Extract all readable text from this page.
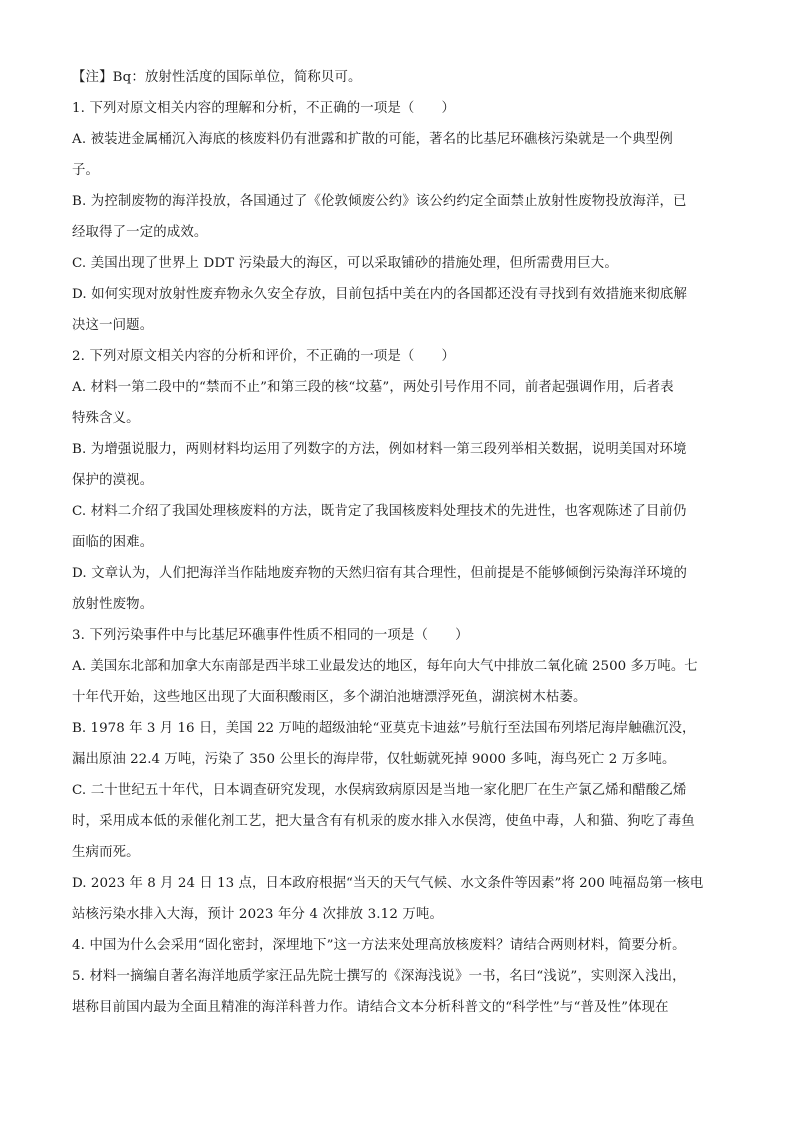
【注】Bq：放射性活度的国际单位，简称贝可。
1. 下列对原文相关内容的理解和分析，不正确的一项是（　　）
A. 被装进金属桶沉入海底的核废料仍有泄露和扩散的可能，著名的比基尼环礁核污染就是一个典型例
子。
B. 为控制废物的海洋投放，各国通过了《伦敦倾废公约》该公约约定全面禁止放射性废物投放海洋，已
经取得了一定的成效。
C. 美国出现了世界上 DDT 污染最大的海区，可以采取铺砂的措施处理，但所需费用巨大。
D. 如何实现对放射性废弃物永久安全存放，目前包括中美在内的各国都还没有寻找到有效措施来彻底解
决这一问题。
2. 下列对原文相关内容的分析和评价，不正确的一项是（　　）
A. 材料一第二段中的“禁而不止”和第三段的核“坟墓”，两处引号作用不同，前者起强调作用，后者表
特殊含义。
B. 为增强说服力，两则材料均运用了列数字的方法，例如材料一第三段列举相关数据，说明美国对环境
保护的漠视。
C. 材料二介绍了我国处理核废料的方法，既肯定了我国核废料处理技术的先进性，也客观陈述了目前仍
面临的困难。
D. 文章认为，人们把海洋当作陆地废弃物的天然归宿有其合理性，但前提是不能够倾倒污染海洋环境的
放射性废物。
3. 下列污染事件中与比基尼环礁事件性质不相同的一项是（　　）
A. 美国东北部和加拿大东南部是西半球工业最发达的地区，每年向大气中排放二氧化硫 2500 多万吨。七
十年代开始，这些地区出现了大面积酸雨区，多个湖泊池塘漂浮死鱼，湖滨树木枯萎。
B. 1978 年 3 月 16 日，美国 22 万吨的超级油轮“亚莫克卡迪兹”号航行至法国布列塔尼海岸触礁沉没，
漏出原油 22.4 万吨，污染了 350 公里长的海岸带，仅牡蛎就死掉 9000 多吨，海鸟死亡 2 万多吨。
C. 二十世纪五十年代，日本调查研究发现，水俣病致病原因是当地一家化肥厂在生产氯乙烯和醋酸乙烯
时，采用成本低的汞催化剂工艺，把大量含有有机汞的废水排入水俣湾，使鱼中毒，人和猫、狗吃了毒鱼
生病而死。
D. 2023 年 8 月 24 日 13 点，日本政府根据“当天的天气气候、水文条件等因素”将 200 吨福岛第一核电
站核污染水排入大海，预计 2023 年分 4 次排放 3.12 万吨。
4. 中国为什么会采用“固化密封，深埋地下”这一方法来处理高放核废料？请结合两则材料，简要分析。
5. 材料一摘编自著名海洋地质学家汪品先院士撰写的《深海浅说》一书，名曰“浅说”，实则深入浅出，
堪称目前国内最为全面且精准的海洋科普力作。请结合文本分析科普文的“科学性”与“普及性”体现在
